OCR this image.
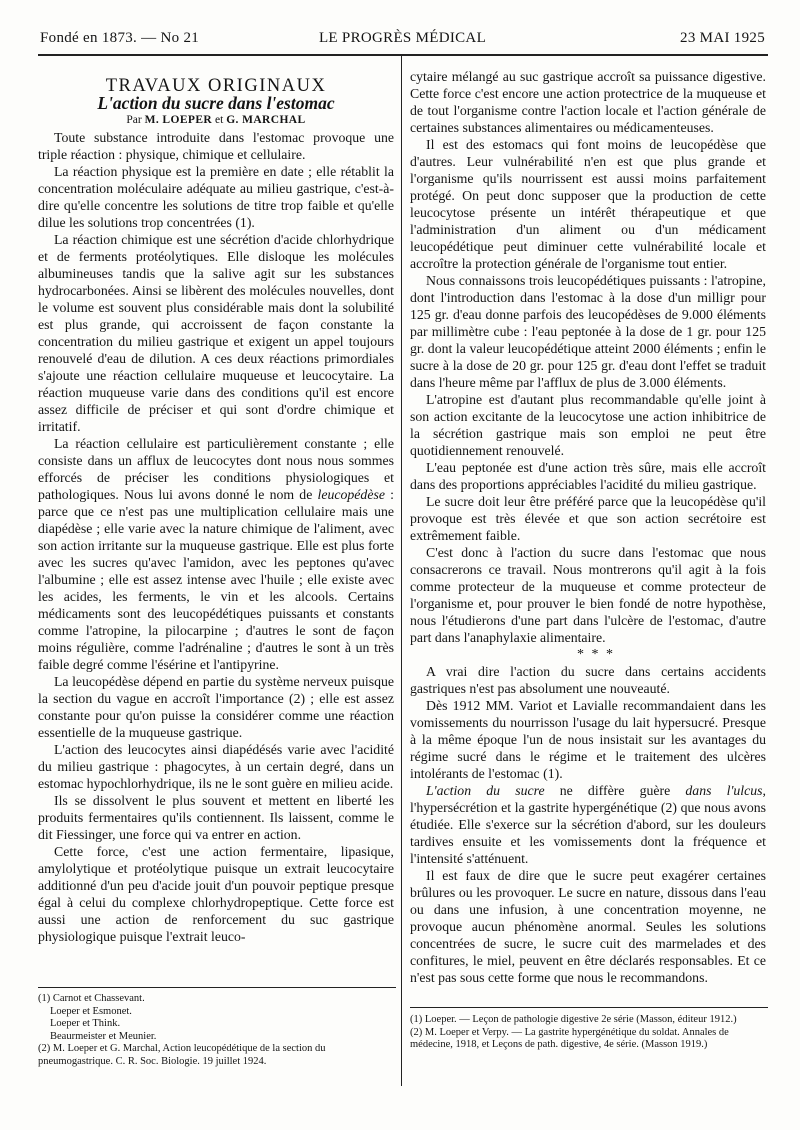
Fondé en 1873. — No 21	LE PROGRÈS MÉDICAL	23 MAI 1925

TRAVAUX ORIGINAUX

L'action du sucre dans l'estomac

Par M. LOEPER et G. MARCHAL

Toute substance introduite dans l'estomac provoque une triple réaction : physique, chimique et cellulaire.

La réaction physique est la première en date ; elle rétablit la concentration moléculaire adéquate au milieu gastrique, c'est-à-dire qu'elle concentre les solutions de titre trop faible et qu'elle dilue les solutions trop concentrées (1).

La réaction chimique est une sécrétion d'acide chlorhydrique et de ferments protéolytiques. Elle disloque les molécules albumineuses tandis que la salive agit sur les substances hydrocarbonées. Ainsi se libèrent des molécules nouvelles, dont le volume est souvent plus considérable mais dont la solubilité est plus grande, qui accroissent de façon constante la concentration du milieu gastrique et exigent un appel toujours renouvelé d'eau de dilution. A ces deux réactions primordiales s'ajoute une réaction cellulaire muqueuse et leucocytaire. La réaction muqueuse varie dans des conditions qu'il est encore assez difficile de préciser et qui sont d'ordre chimique et irritatif.

La réaction cellulaire est particulièrement constante ; elle consiste dans un afflux de leucocytes dont nous nous sommes efforcés de préciser les conditions physiologiques et pathologiques. Nous lui avons donné le nom de leucopédèse : parce que ce n'est pas une multiplication cellulaire mais une diapédèse ; elle varie avec la nature chimique de l'aliment, avec son action irritante sur la muqueuse gastrique. Elle est plus forte avec les sucres qu'avec l'amidon, avec les peptones qu'avec l'albumine ; elle est assez intense avec l'huile ; elle existe avec les acides, les ferments, le vin et les alcools. Certains médicaments sont des leucopédétiques puissants et constants comme l'atropine, la pilocarpine ; d'autres le sont de façon moins régulière, comme l'adrénaline ; d'autres le sont à un très faible degré comme l'ésérine et l'antipyrine.

La leucopédèse dépend en partie du système nerveux puisque la section du vague en accroît l'importance (2) ; elle est assez constante pour qu'on puisse la considérer comme une réaction essentielle de la muqueuse gastrique.

L'action des leucocytes ainsi diapédésés varie avec l'acidité du milieu gastrique : phagocytes, à un certain degré, dans un estomac hypochlorhydrique, ils ne le sont guère en milieu acide.

Ils se dissolvent le plus souvent et mettent en liberté les produits fermentaires qu'ils contiennent. Ils laissent, comme le dit Fiessinger, une force qui va entrer en action.

Cette force, c'est une action fermentaire, lipasique, amylolytique et protéolytique puisque un extrait leucocytaire additionné d'un peu d'acide jouit d'un pouvoir peptique presque égal à celui du complexe chlorhydropeptique. Cette force est aussi une action de renforcement du suc gastrique physiologique puisque l'extrait leuco-

cytaire mélangé au suc gastrique accroît sa puissance digestive. Cette force c'est encore une action protectrice de la muqueuse et de tout l'organisme contre l'action locale et l'action générale de certaines substances alimentaires ou médicamenteuses.

Il est des estomacs qui font moins de leucopédèse que d'autres. Leur vulnérabilité n'en est que plus grande et l'organisme qu'ils nourrissent est aussi moins parfaitement protégé. On peut donc supposer que la production de cette leucocytose présente un intérêt thérapeutique et que l'administration d'un aliment ou d'un médicament leucopédétique peut diminuer cette vulnérabilité locale et accroître la protection générale de l'organisme tout entier.

Nous connaissons trois leucopédétiques puissants : l'atropine, dont l'introduction dans l'estomac à la dose d'un milligr pour 125 gr. d'eau donne parfois des leucopédèses de 9.000 éléments par millimètre cube : l'eau peptonée à la dose de 1 gr. pour 125 gr. dont la valeur leucopédétique atteint 2000 éléments ; enfin le sucre à la dose de 20 gr. pour 125 gr. d'eau dont l'effet se traduit dans l'heure même par l'afflux de plus de 3.000 éléments.

L'atropine est d'autant plus recommandable qu'elle joint à son action excitante de la leucocytose une action inhibitrice de la sécrétion gastrique mais son emploi ne peut être quotidiennement renouvelé.

L'eau peptonée est d'une action très sûre, mais elle accroît dans des proportions appréciables l'acidité du milieu gastrique.

Le sucre doit leur être préféré parce que la leucopédèse qu'il provoque est très élevée et que son action secrétoire est extrêmement faible.

C'est donc à l'action du sucre dans l'estomac que nous consacrerons ce travail. Nous montrerons qu'il agit à la fois comme protecteur de la muqueuse et comme protecteur de l'organisme et, pour prouver le bien fondé de notre hypothèse, nous l'étudierons d'une part dans l'ulcère de l'estomac, d'autre part dans l'anaphylaxie alimentaire.

* * *

A vrai dire l'action du sucre dans certains accidents gastriques n'est pas absolument une nouveauté.

Dès 1912 MM. Variot et Lavialle recommandaient dans les vomissements du nourrisson l'usage du lait hypersucré. Presque à la même époque l'un de nous insistait sur les avantages du régime sucré dans le régime et le traitement des ulcères intolérants de l'estomac (1).

L'action du sucre ne diffère guère dans l'ulcus, l'hypersécrétion et la gastrite hypergénétique (2) que nous avons étudiée. Elle s'exerce sur la sécrétion d'abord, sur les douleurs tardives ensuite et les vomissements dont la fréquence et l'intensité s'atténuent.

Il est faux de dire que le sucre peut exagérer certaines brûlures ou les provoquer. Le sucre en nature, dissous dans l'eau ou dans une infusion, à une concentration moyenne, ne provoque aucun phénomène anormal. Seules les solutions concentrées de sucre, le sucre cuit des marmelades et des confitures, le miel, peuvent en être déclarés responsables. Et ce n'est pas sous cette forme que nous le recommandons.

(1) Carnot et Chassevant.
Loeper et Esmonet.
Loeper et Think.
Beaurmeister et Meunier.
(2) M. Loeper et G. Marchal, Action leucopédétique de la section du pneumogastrique. C. R. Soc. Biologie. 19 juillet 1924.
(1) Loeper. — Leçon de pathologie digestive 2e série (Masson, éditeur 1912.)
(2) M. Loeper et Verpy. — La gastrite hypergénétique du soldat. Annales de médecine, 1918, et Leçons de path. digestive, 4e série. (Masson 1919.)
